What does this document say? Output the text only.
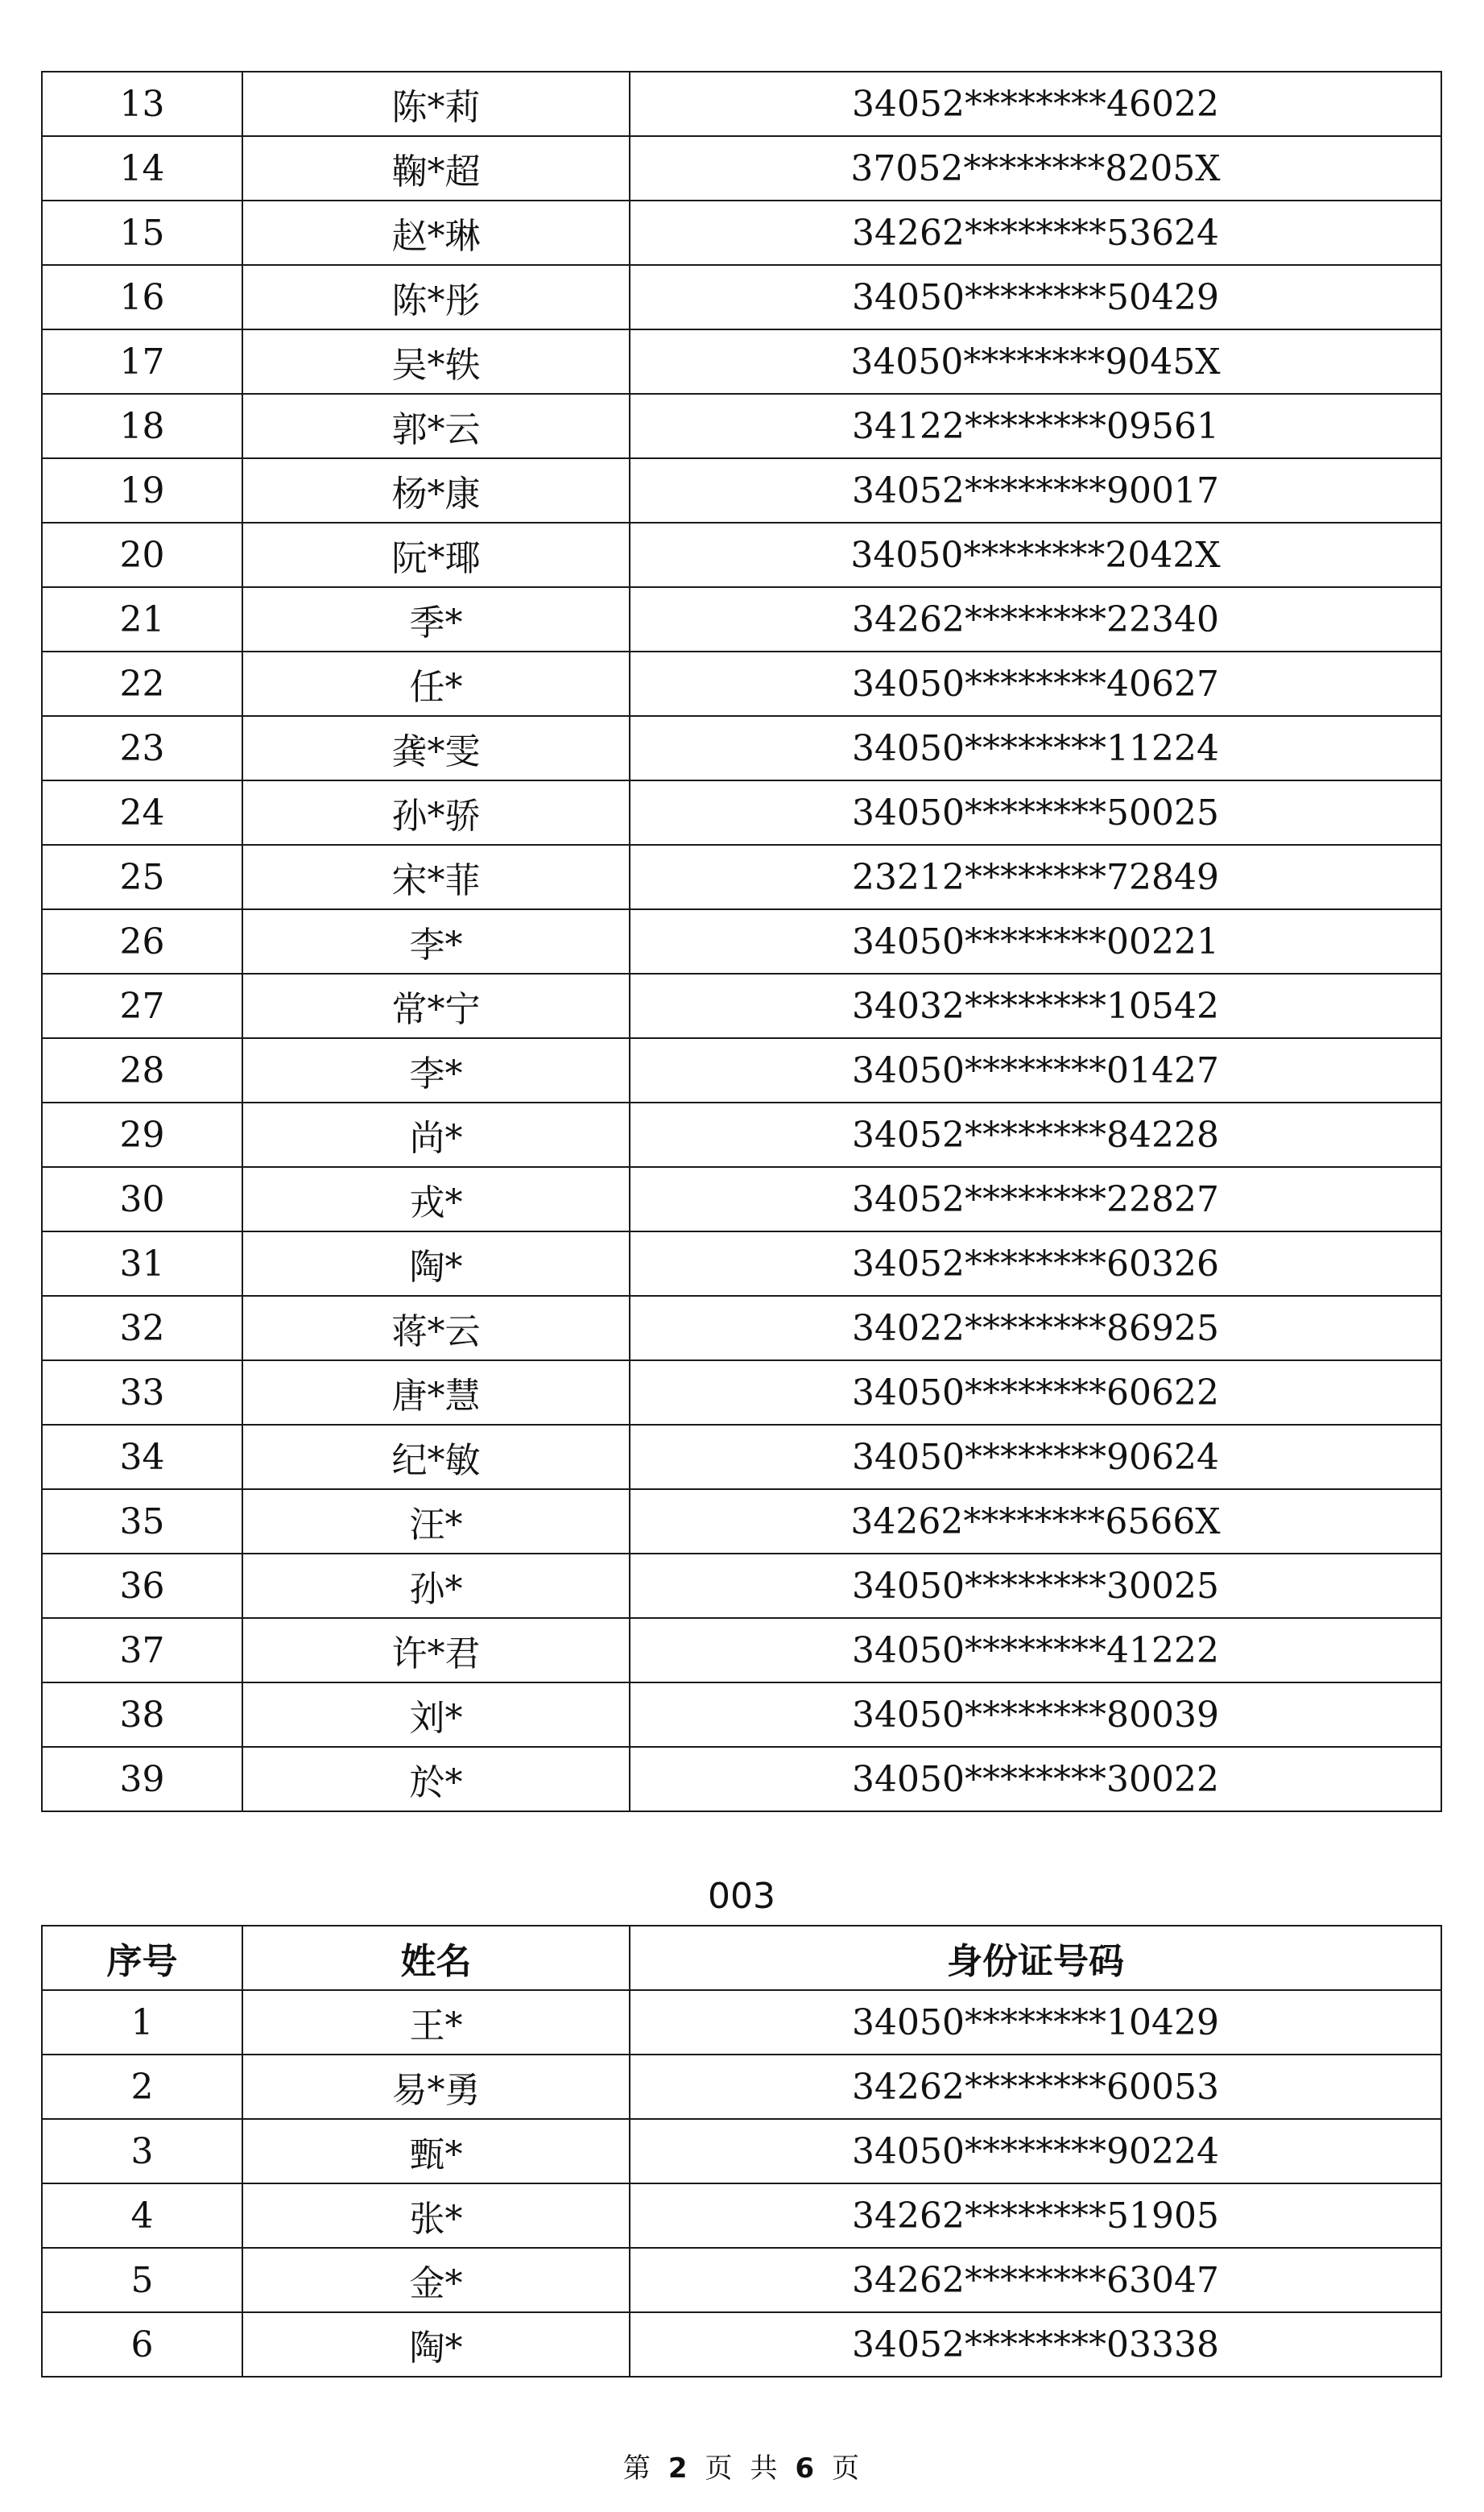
13	陈*莉	34052********46022
14	鞠*超	37052********8205X
15	赵*琳	34262********53624
16	陈*彤	34050********50429
17	吴*轶	34050********9045X
18	郭*云	34122********09561
19	杨*康	34052********90017
20	阮*瑘	34050********2042X
21	季*	34262********22340
22	任*	34050********40627
23	龚*雯	34050********11224
24	孙*骄	34050********50025
25	宋*菲	23212********72849
26	李*	34050********00221
27	常*宁	34032********10542
28	李*	34050********01427
29	尚*	34052********84228
30	戎*	34052********22827
31	陶*	34052********60326
32	蒋*云	34022********86925
33	唐*慧	34050********60622
34	纪*敏	34050********90624
35	汪*	34262********6566X
36	孙*	34050********30025
37	许*君	34050********41222
38	刘*	34050********80039
39	於*	34050********30022
003
序号	姓名	身份证号码
1	王*	34050********10429
2	易*勇	34262********60053
3	甄*	34050********90224
4	张*	34262********51905
5	金*	34262********63047
6	陶*	34052********03338
第 2 页 共 6 页
